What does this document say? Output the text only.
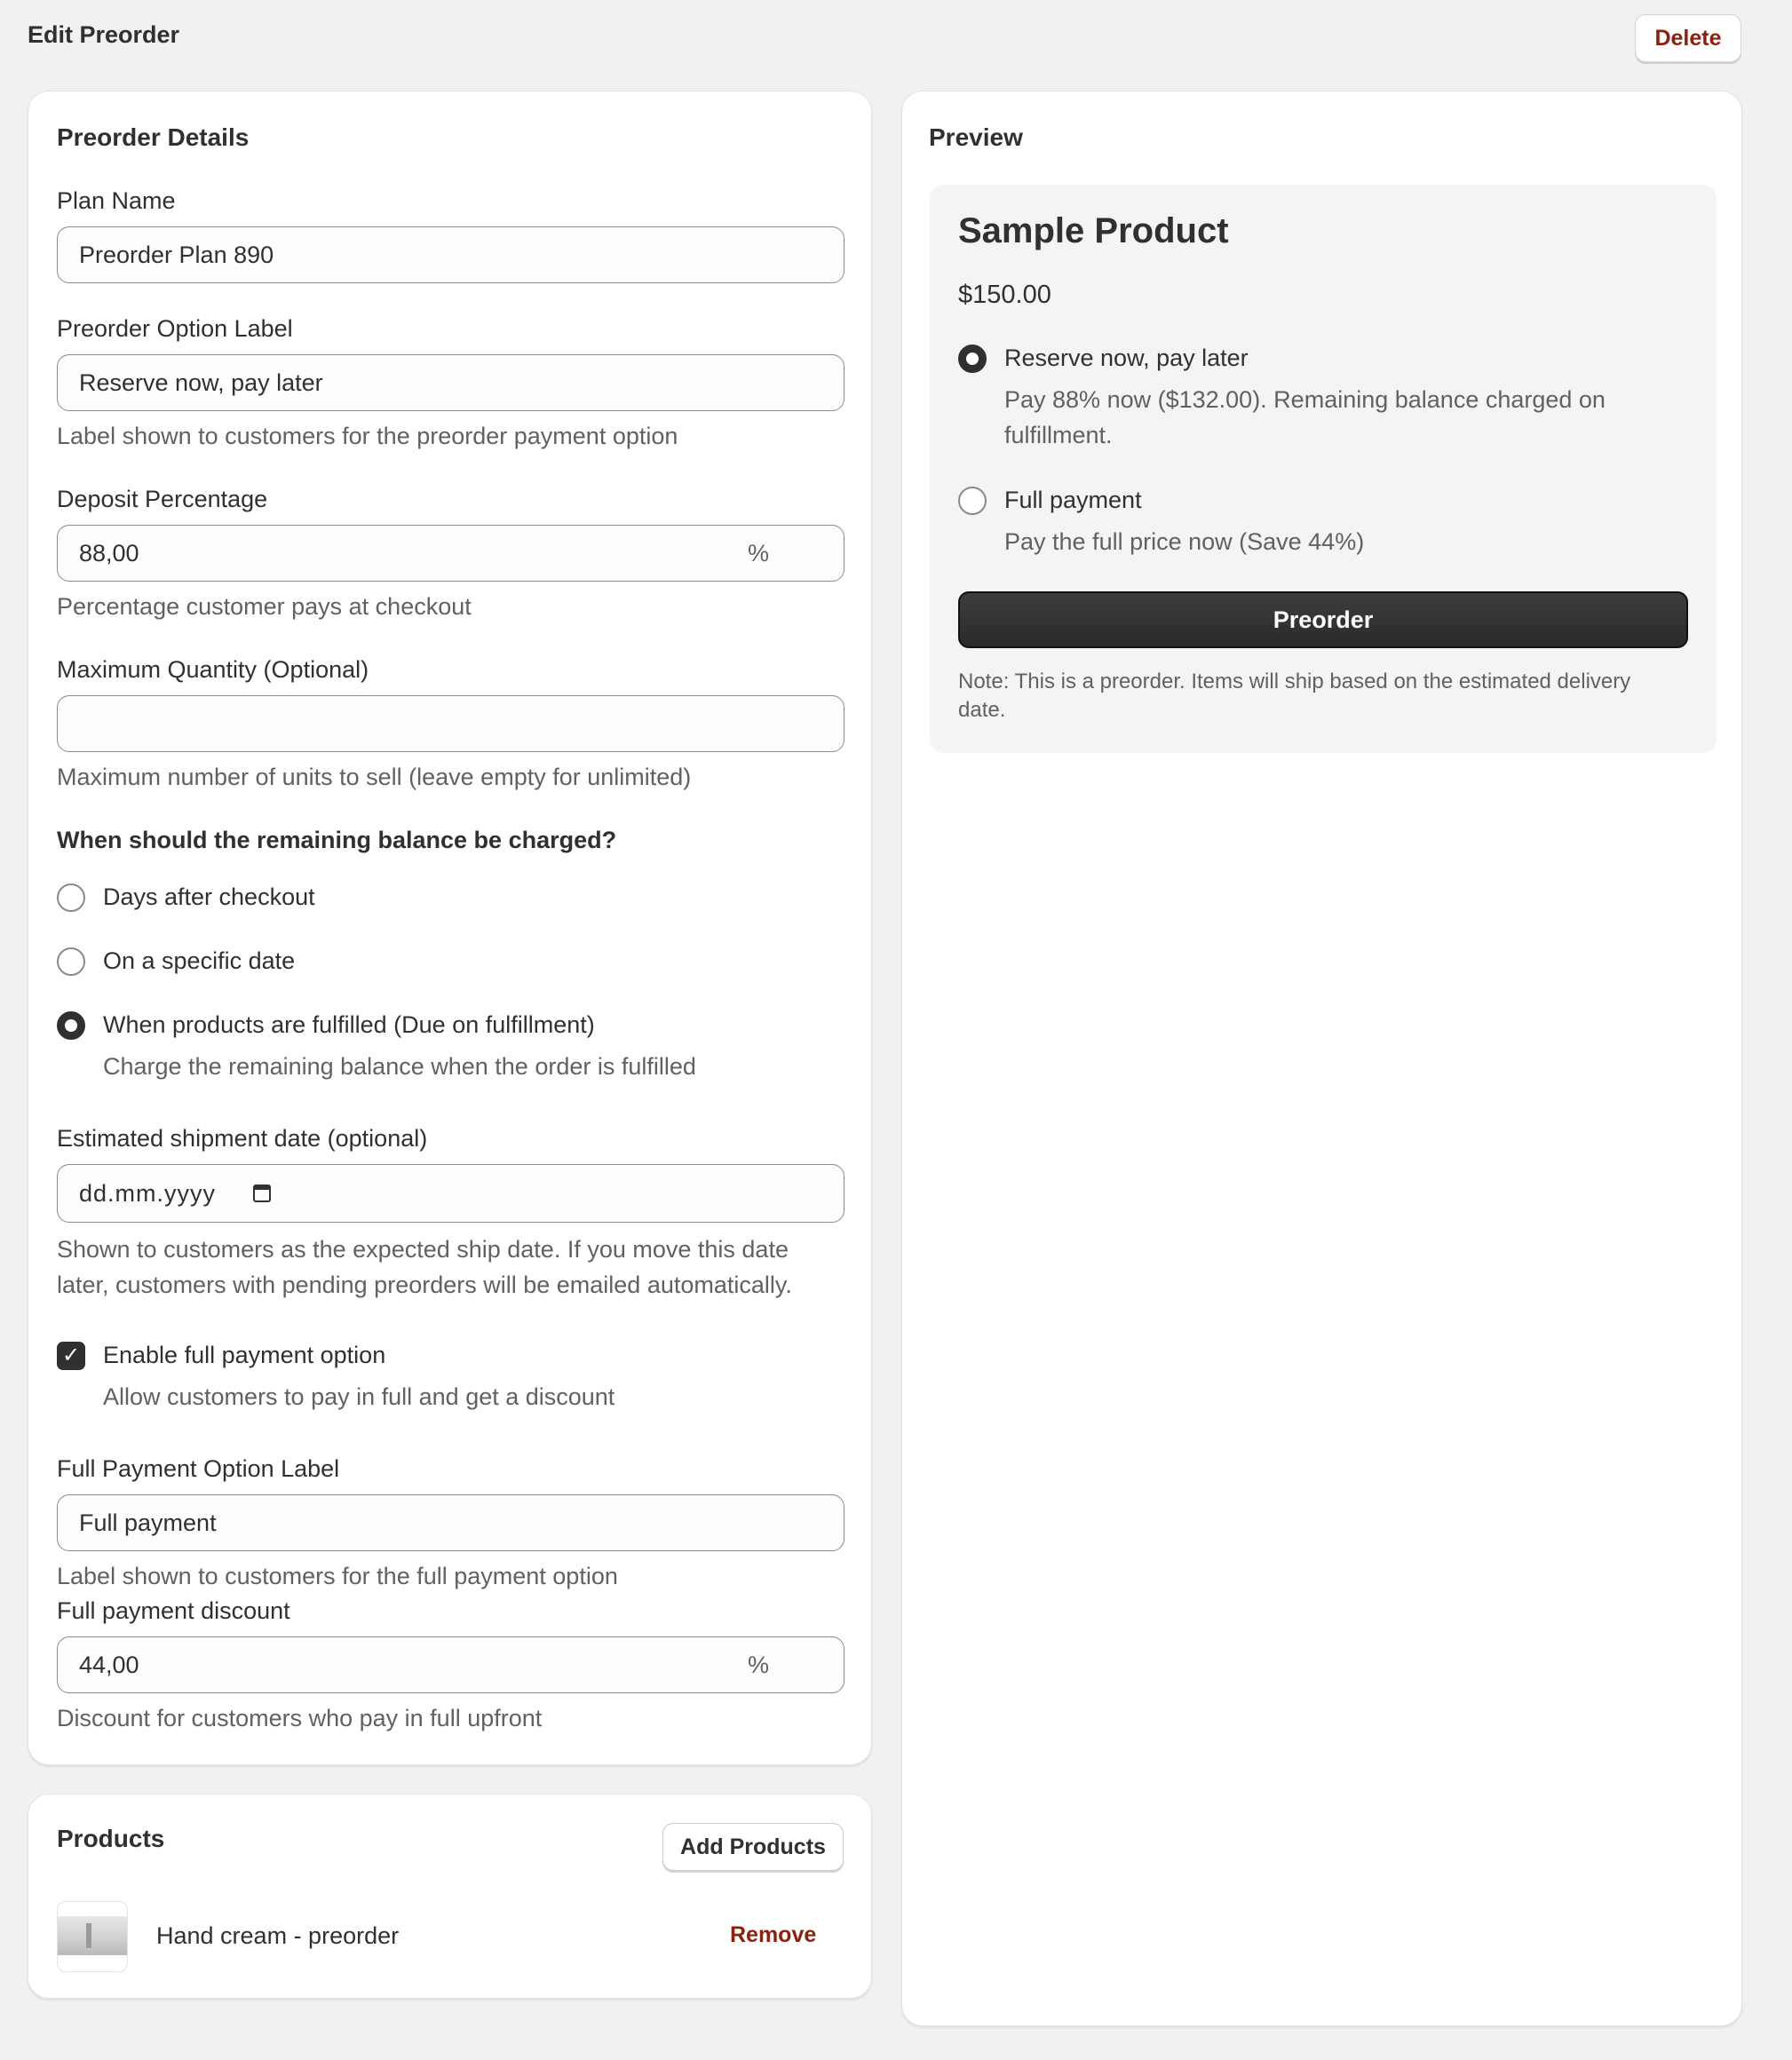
Edit Preorder	Delete
Preorder Details
Plan Name
Preorder Plan 890
Preorder Option Label
Reserve now, pay later
Label shown to customers for the preorder payment option
Deposit Percentage
88,00	%
Percentage customer pays at checkout
Maximum Quantity (Optional)
Maximum number of units to sell (leave empty for unlimited)
When should the remaining balance be charged?
Days after checkout
On a specific date
When products are fulfilled (Due on fulfillment)
Charge the remaining balance when the order is fulfilled
Estimated shipment date (optional)
dd.mm.yyyy
Shown to customers as the expected ship date. If you move this date
later, customers with pending preorders will be emailed automatically.
✓ Enable full payment option
Allow customers to pay in full and get a discount
Full Payment Option Label
Full payment
Label shown to customers for the full payment option
Full payment discount
44,00	%
Discount for customers who pay in full upfront
Products	Add Products
Hand cream - preorder	Remove
Preview
Sample Product
$150.00
Reserve now, pay later
Pay 88% now ($132.00). Remaining balance charged on
fulfillment.
Full payment
Pay the full price now (Save 44%)
Preorder
Note: This is a preorder. Items will ship based on the estimated delivery
date.
